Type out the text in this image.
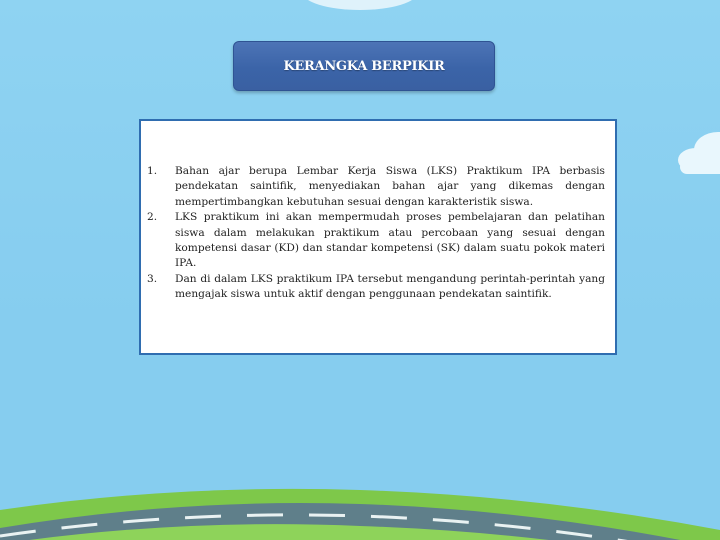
KERANGKA BERPIKIR
1.	Bahan ajar berupa Lembar Kerja Siswa (LKS) Praktikum IPA berbasis pendekatan saintifik, menyediakan bahan ajar yang dikemas dengan mempertimbangkan kebutuhan sesuai dengan karakteristik siswa.
2.	LKS praktikum ini akan mempermudah proses pembelajaran dan pelatihan siswa dalam melakukan praktikum atau percobaan yang sesuai dengan kompetensi dasar (KD) dan standar kompetensi (SK) dalam suatu pokok materi IPA.
3.	Dan di dalam LKS praktikum IPA tersebut mengandung perintah-perintah yang mengajak siswa untuk aktif dengan penggunaan pendekatan saintifik.
